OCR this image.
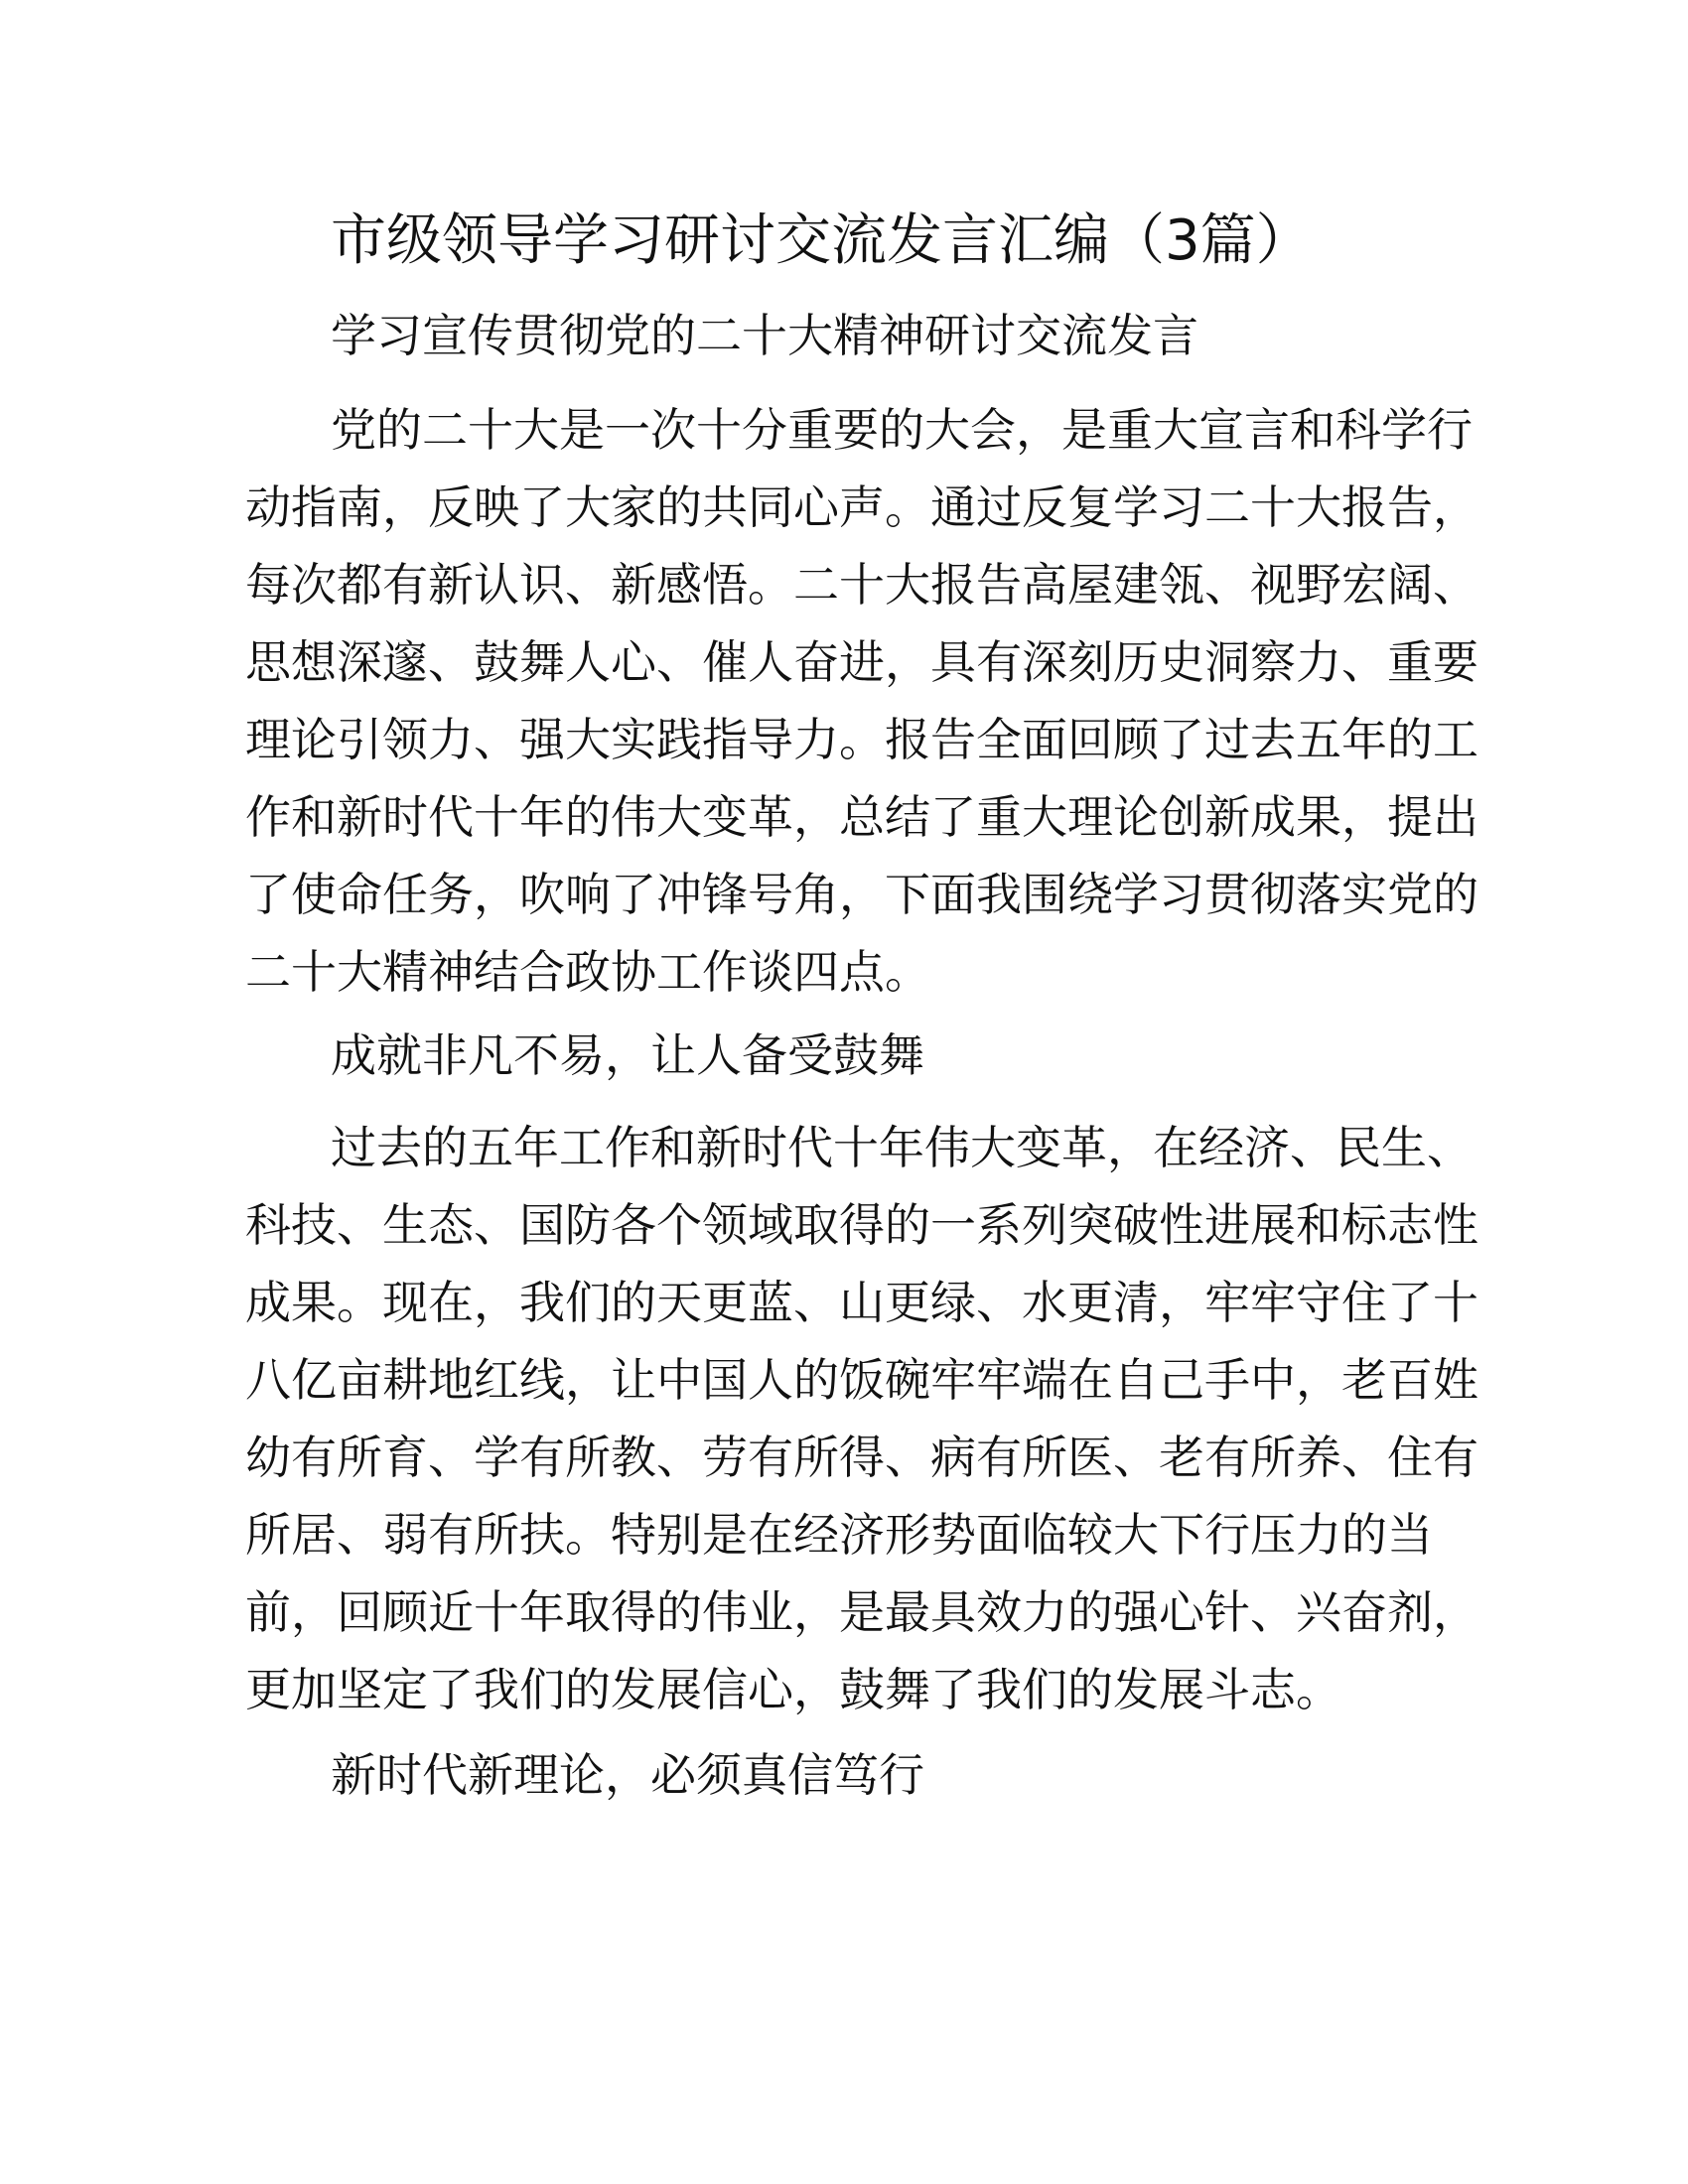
市级领导学习研讨交流发言汇编（3篇）
学习宣传贯彻党的二十大精神研讨交流发言
党的二十大是一次十分重要的大会，是重大宣言和科学行
动指南，反映了大家的共同心声。通过反复学习二十大报告，
每次都有新认识、新感悟。二十大报告高屋建瓴、视野宏阔、
思想深邃、鼓舞人心、催人奋进，具有深刻历史洞察力、重要
理论引领力、强大实践指导力。报告全面回顾了过去五年的工
作和新时代十年的伟大变革，总结了重大理论创新成果，提出
了使命任务，吹响了冲锋号角，下面我围绕学习贯彻落实党的
二十大精神结合政协工作谈四点。
成就非凡不易，让人备受鼓舞
过去的五年工作和新时代十年伟大变革，在经济、民生、
科技、生态、国防各个领域取得的一系列突破性进展和标志性
成果。现在，我们的天更蓝、山更绿、水更清，牢牢守住了十
八亿亩耕地红线，让中国人的饭碗牢牢端在自己手中，老百姓
幼有所育、学有所教、劳有所得、病有所医、老有所养、住有
所居、弱有所扶。特别是在经济形势面临较大下行压力的当
前，回顾近十年取得的伟业，是最具效力的强心针、兴奋剂，
更加坚定了我们的发展信心，鼓舞了我们的发展斗志。
新时代新理论，必须真信笃行
